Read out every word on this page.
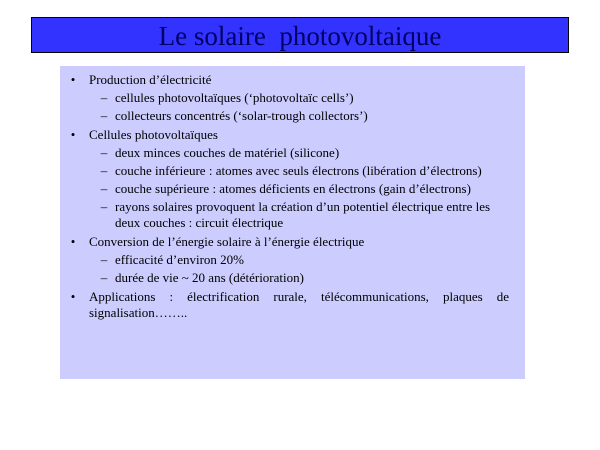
Le solaire  photovoltaique
• Production d’électricité
– cellules photovoltaïques (‘photovoltaïc cells’)
– collecteurs concentrés (‘solar-trough collectors’)
• Cellules photovoltaïques
– deux minces couches de matériel (silicone)
– couche inférieure : atomes avec seuls électrons (libération d’électrons)
– couche supérieure : atomes déficients en électrons (gain d’électrons)
– rayons solaires provoquent la création d’un potentiel électrique entre les deux couches : circuit électrique
• Conversion de l’énergie solaire à l’énergie électrique
– efficacité d’environ 20%
– durée de vie ~ 20 ans (détérioration)
• Applications : électrification rurale, télécommunications, plaques de signalisation……..
